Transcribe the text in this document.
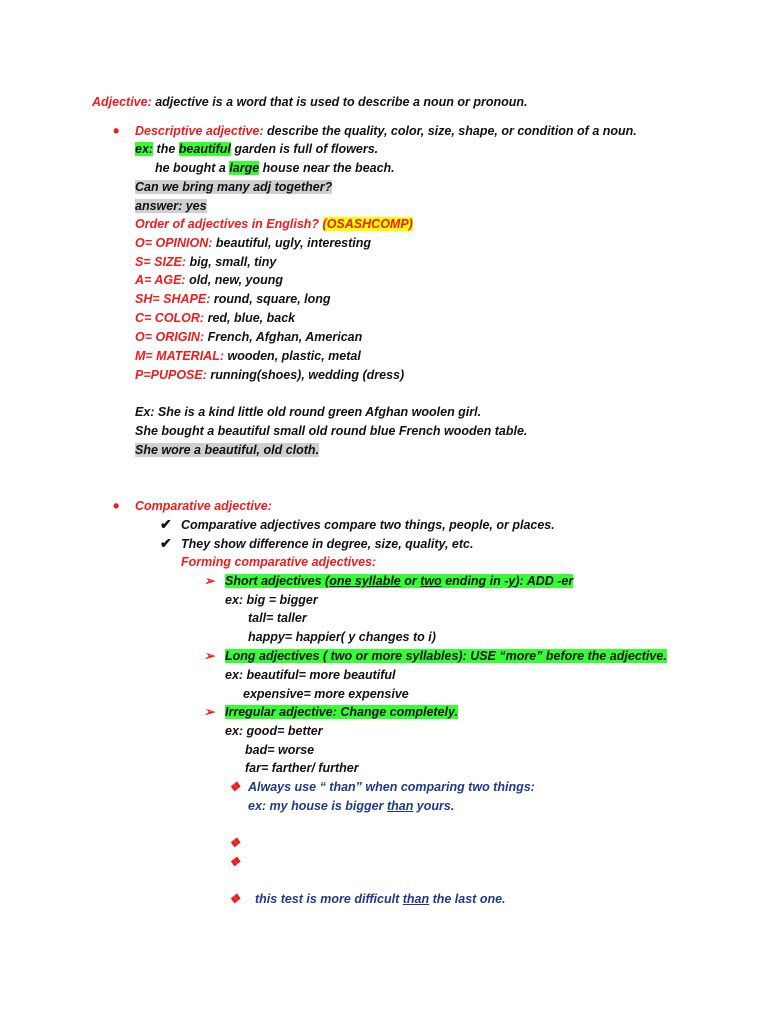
Adjective: adjective is a word that is used to describe a noun or pronoun.
• Descriptive adjective: describe the quality, color, size, shape, or condition of a noun.
ex: the beautiful garden is full of flowers.
he bought a large house near the beach.
Can we bring many adj together?
answer: yes
Order of adjectives in English? (OSASHCOMP)
O= OPINION: beautiful, ugly, interesting
S= SIZE: big, small, tiny
A= AGE: old, new, young
SH= SHAPE: round, square, long
C= COLOR: red, blue, back
O= ORIGIN: French, Afghan, American
M= MATERIAL: wooden, plastic, metal
P=PUPOSE: running(shoes), wedding (dress)
Ex: She is a kind little old round green Afghan woolen girl.
She bought a beautiful small old round blue French wooden table.
She wore a beautiful, old cloth.
• Comparative adjective:
✔ Comparative adjectives compare two things, people, or places.
✔ They show difference in degree, size, quality, etc.
Forming comparative adjectives:
➢ Short adjectives (one syllable or two ending in -y): ADD -er
ex: big = bigger
tall= taller
happy= happier( y changes to i)
➢ Long adjectives ( two or more syllables): USE “more” before the adjective.
ex: beautiful= more beautiful
expensive= more expensive
➢ Irregular adjective: Change completely.
ex: good= better
bad= worse
far= farther/ further
❖ Always use “ than” when comparing two things:
ex: my house is bigger than yours.
❖
❖
❖ this test is more difficult than the last one.
